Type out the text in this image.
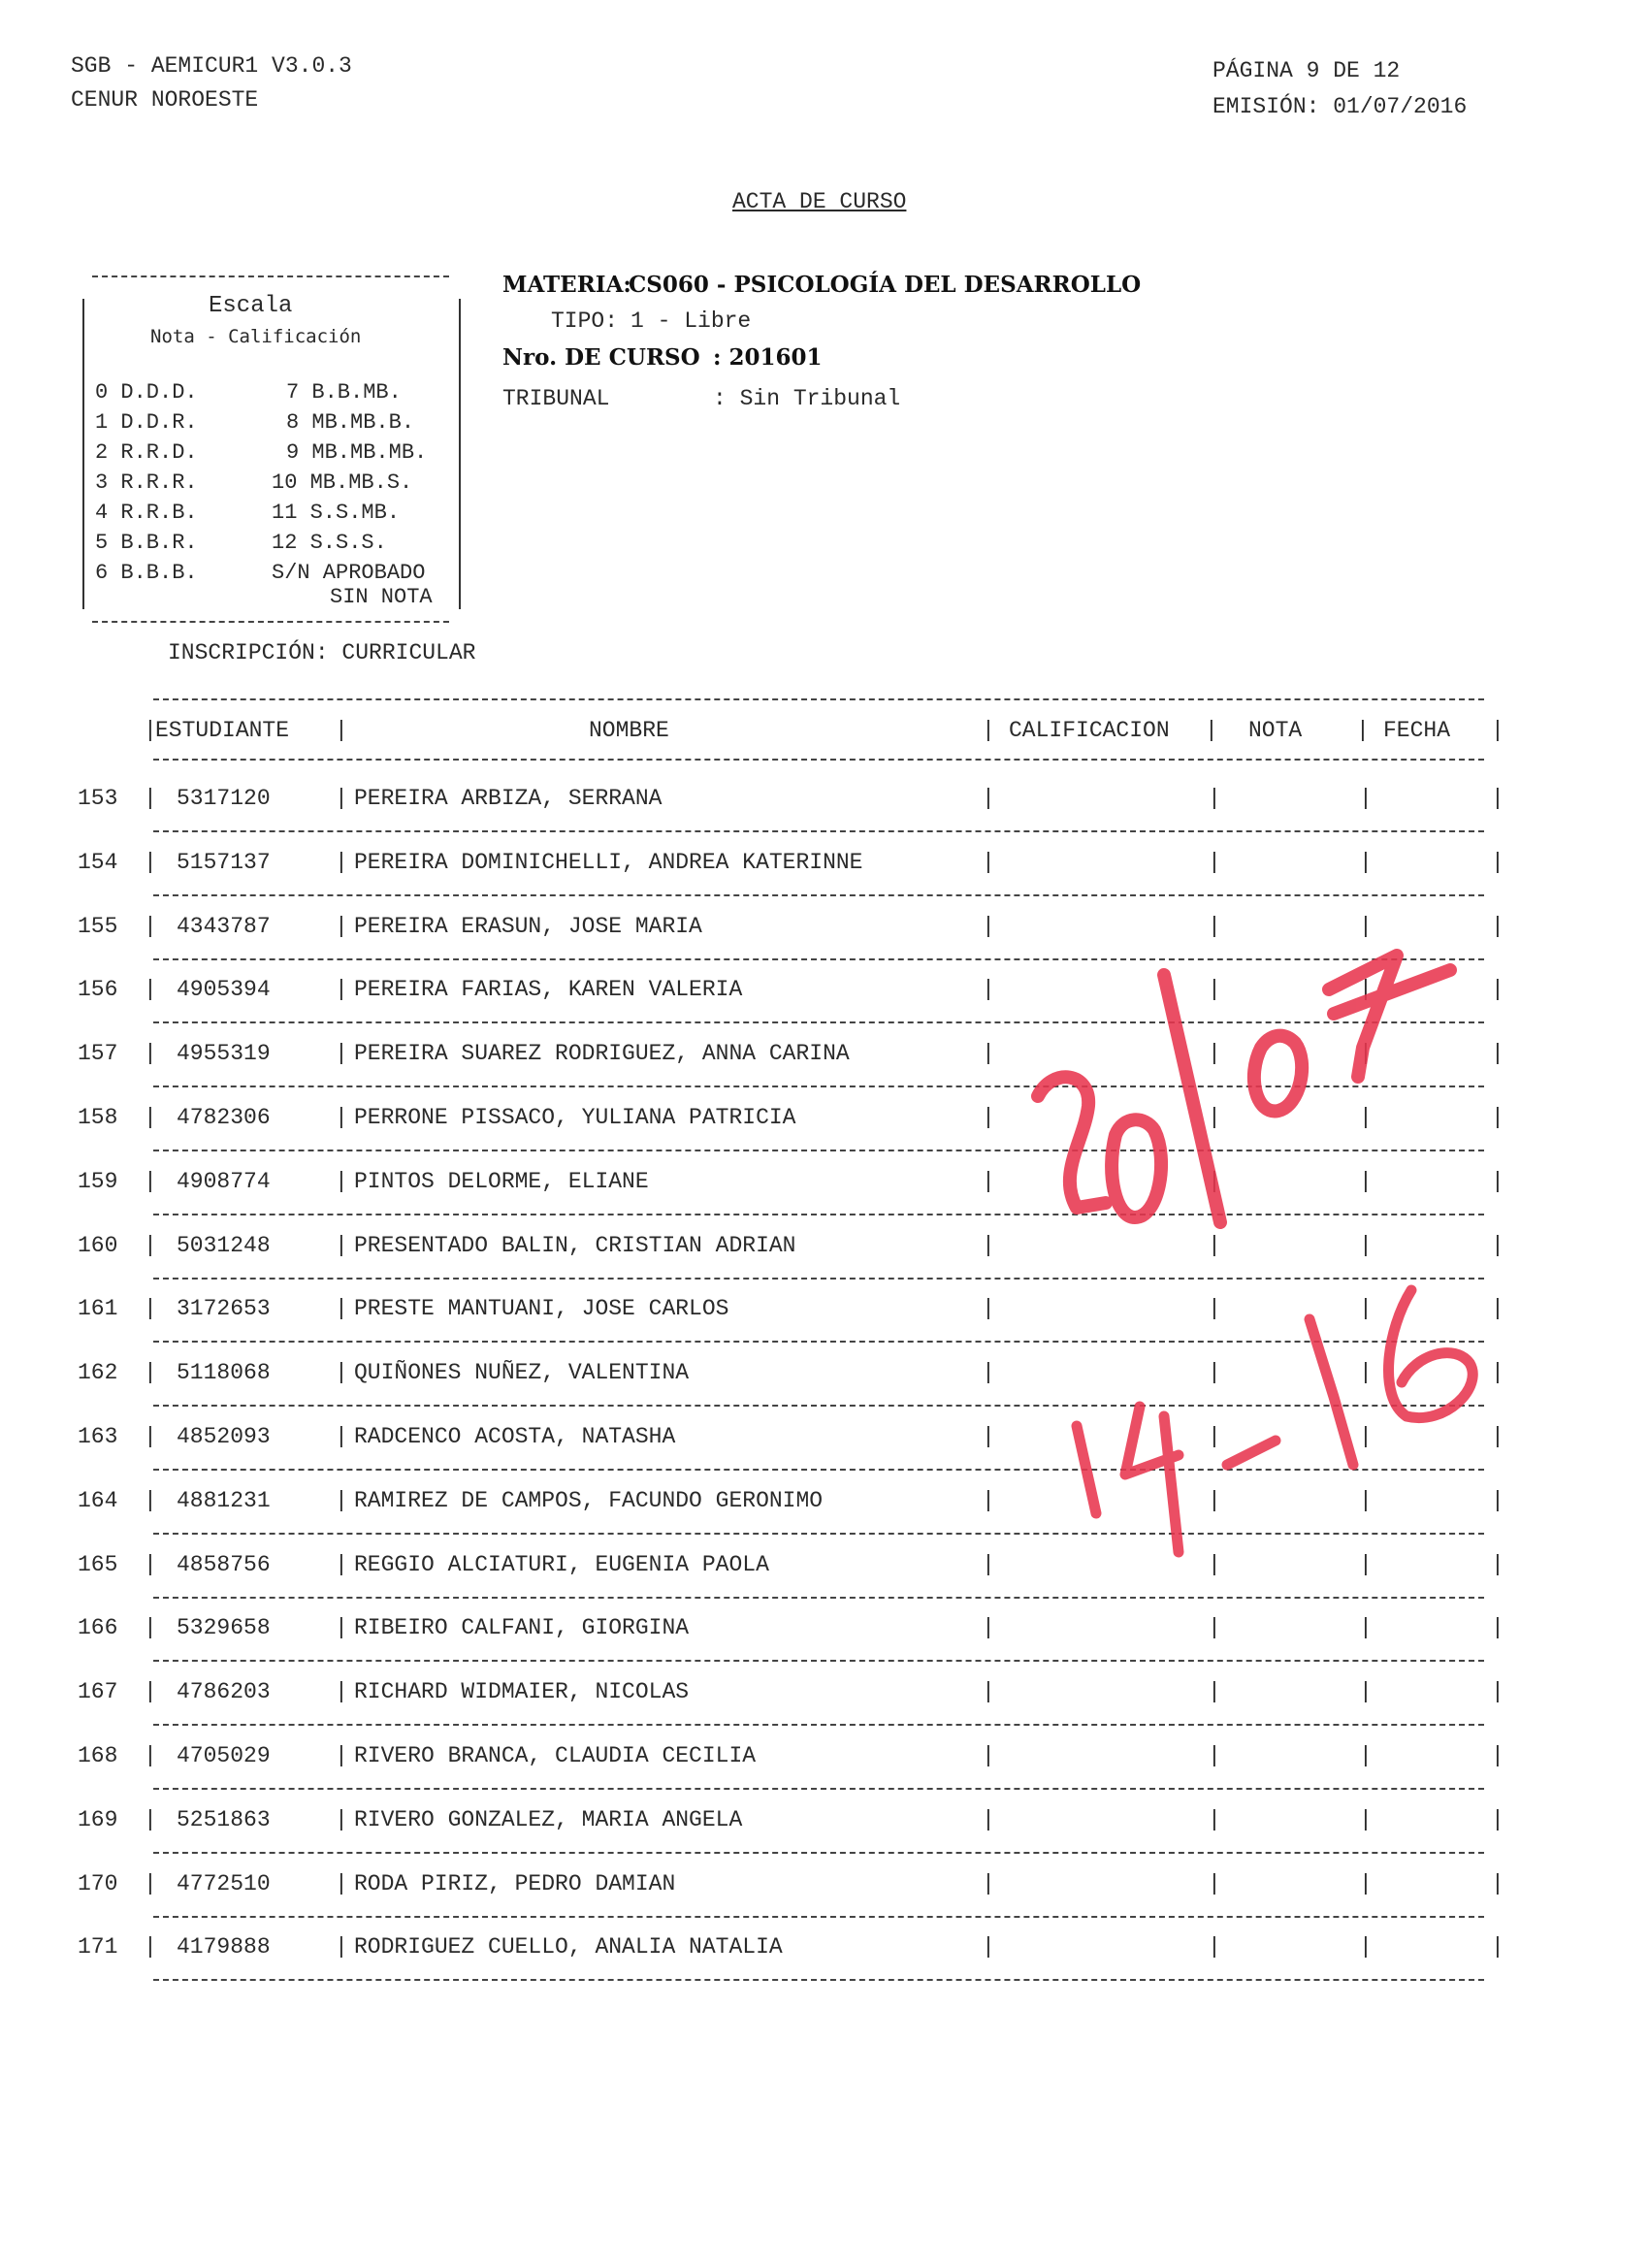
SGB - AEMICUR1 V3.0.3
CENUR NOROESTE
PÁGINA 9 DE 12
EMISIÓN: 01/07/2016
ACTA DE CURSO
Escala
Nota - Calificación
0 D.D.D.
1 D.D.R.
2 R.R.D.
3 R.R.R.
4 R.R.B.
5 B.B.R.
6 B.B.B.
7 B.B.MB.
8 MB.MB.B.
9 MB.MB.MB.
10 MB.MB.S.
11 S.S.MB.
12 S.S.S.
S/N APROBADO
SIN NOTA
MATERIA:
CS060 - PSICOLOGÍA DEL DESARROLLO
TIPO: 1 - Libre
Nro. DE CURSO : 201601
TRIBUNAL	: Sin Tribunal
INSCRIPCIÓN: CURRICULAR
|
ESTUDIANTE |	NOMBRE	| CALIFICACION | NOTA | FECHA |
153 | 5317120	| PEREIRA ARBIZA, SERRANA	|	|	|	|
154 | 5157137	| PEREIRA DOMINICHELLI, ANDREA KATERINNE	|	|	|	|
155 | 4343787	| PEREIRA ERASUN, JOSE MARIA	|	|	|	|
156 | 4905394	| PEREIRA FARIAS, KAREN VALERIA	|	|	|	|
157 | 4955319	| PEREIRA SUAREZ RODRIGUEZ, ANNA CARINA	|	|	|	|
158 | 4782306	| PERRONE PISSACO, YULIANA PATRICIA	|	|	|	|
159 | 4908774	| PINTOS DELORME, ELIANE	|	|	|	|
160 | 5031248	| PRESENTADO BALIN, CRISTIAN ADRIAN	|	|	|	|
161 | 3172653	| PRESTE MANTUANI, JOSE CARLOS	|	|	|	|
162 | 5118068	| QUIÑONES NUÑEZ, VALENTINA	|	|	|	|
163 | 4852093	| RADCENCO ACOSTA, NATASHA	|	|	|	|
164 | 4881231	| RAMIREZ DE CAMPOS, FACUNDO GERONIMO	|	|	|	|
165 | 4858756	| REGGIO ALCIATURI, EUGENIA PAOLA	|	|	|	|
166 | 5329658	| RIBEIRO CALFANI, GIORGINA	|	|	|	|
167 | 4786203	| RICHARD WIDMAIER, NICOLAS	|	|	|	|
168 | 4705029	| RIVERO BRANCA, CLAUDIA CECILIA	|	|	|	|
169 | 5251863	| RIVERO GONZALEZ, MARIA ANGELA	|	|	|	|
170 | 4772510	| RODA PIRIZ, PEDRO DAMIAN	|	|	|	|
171 | 4179888	| RODRIGUEZ CUELLO, ANALIA NATALIA	|	|	|	|
